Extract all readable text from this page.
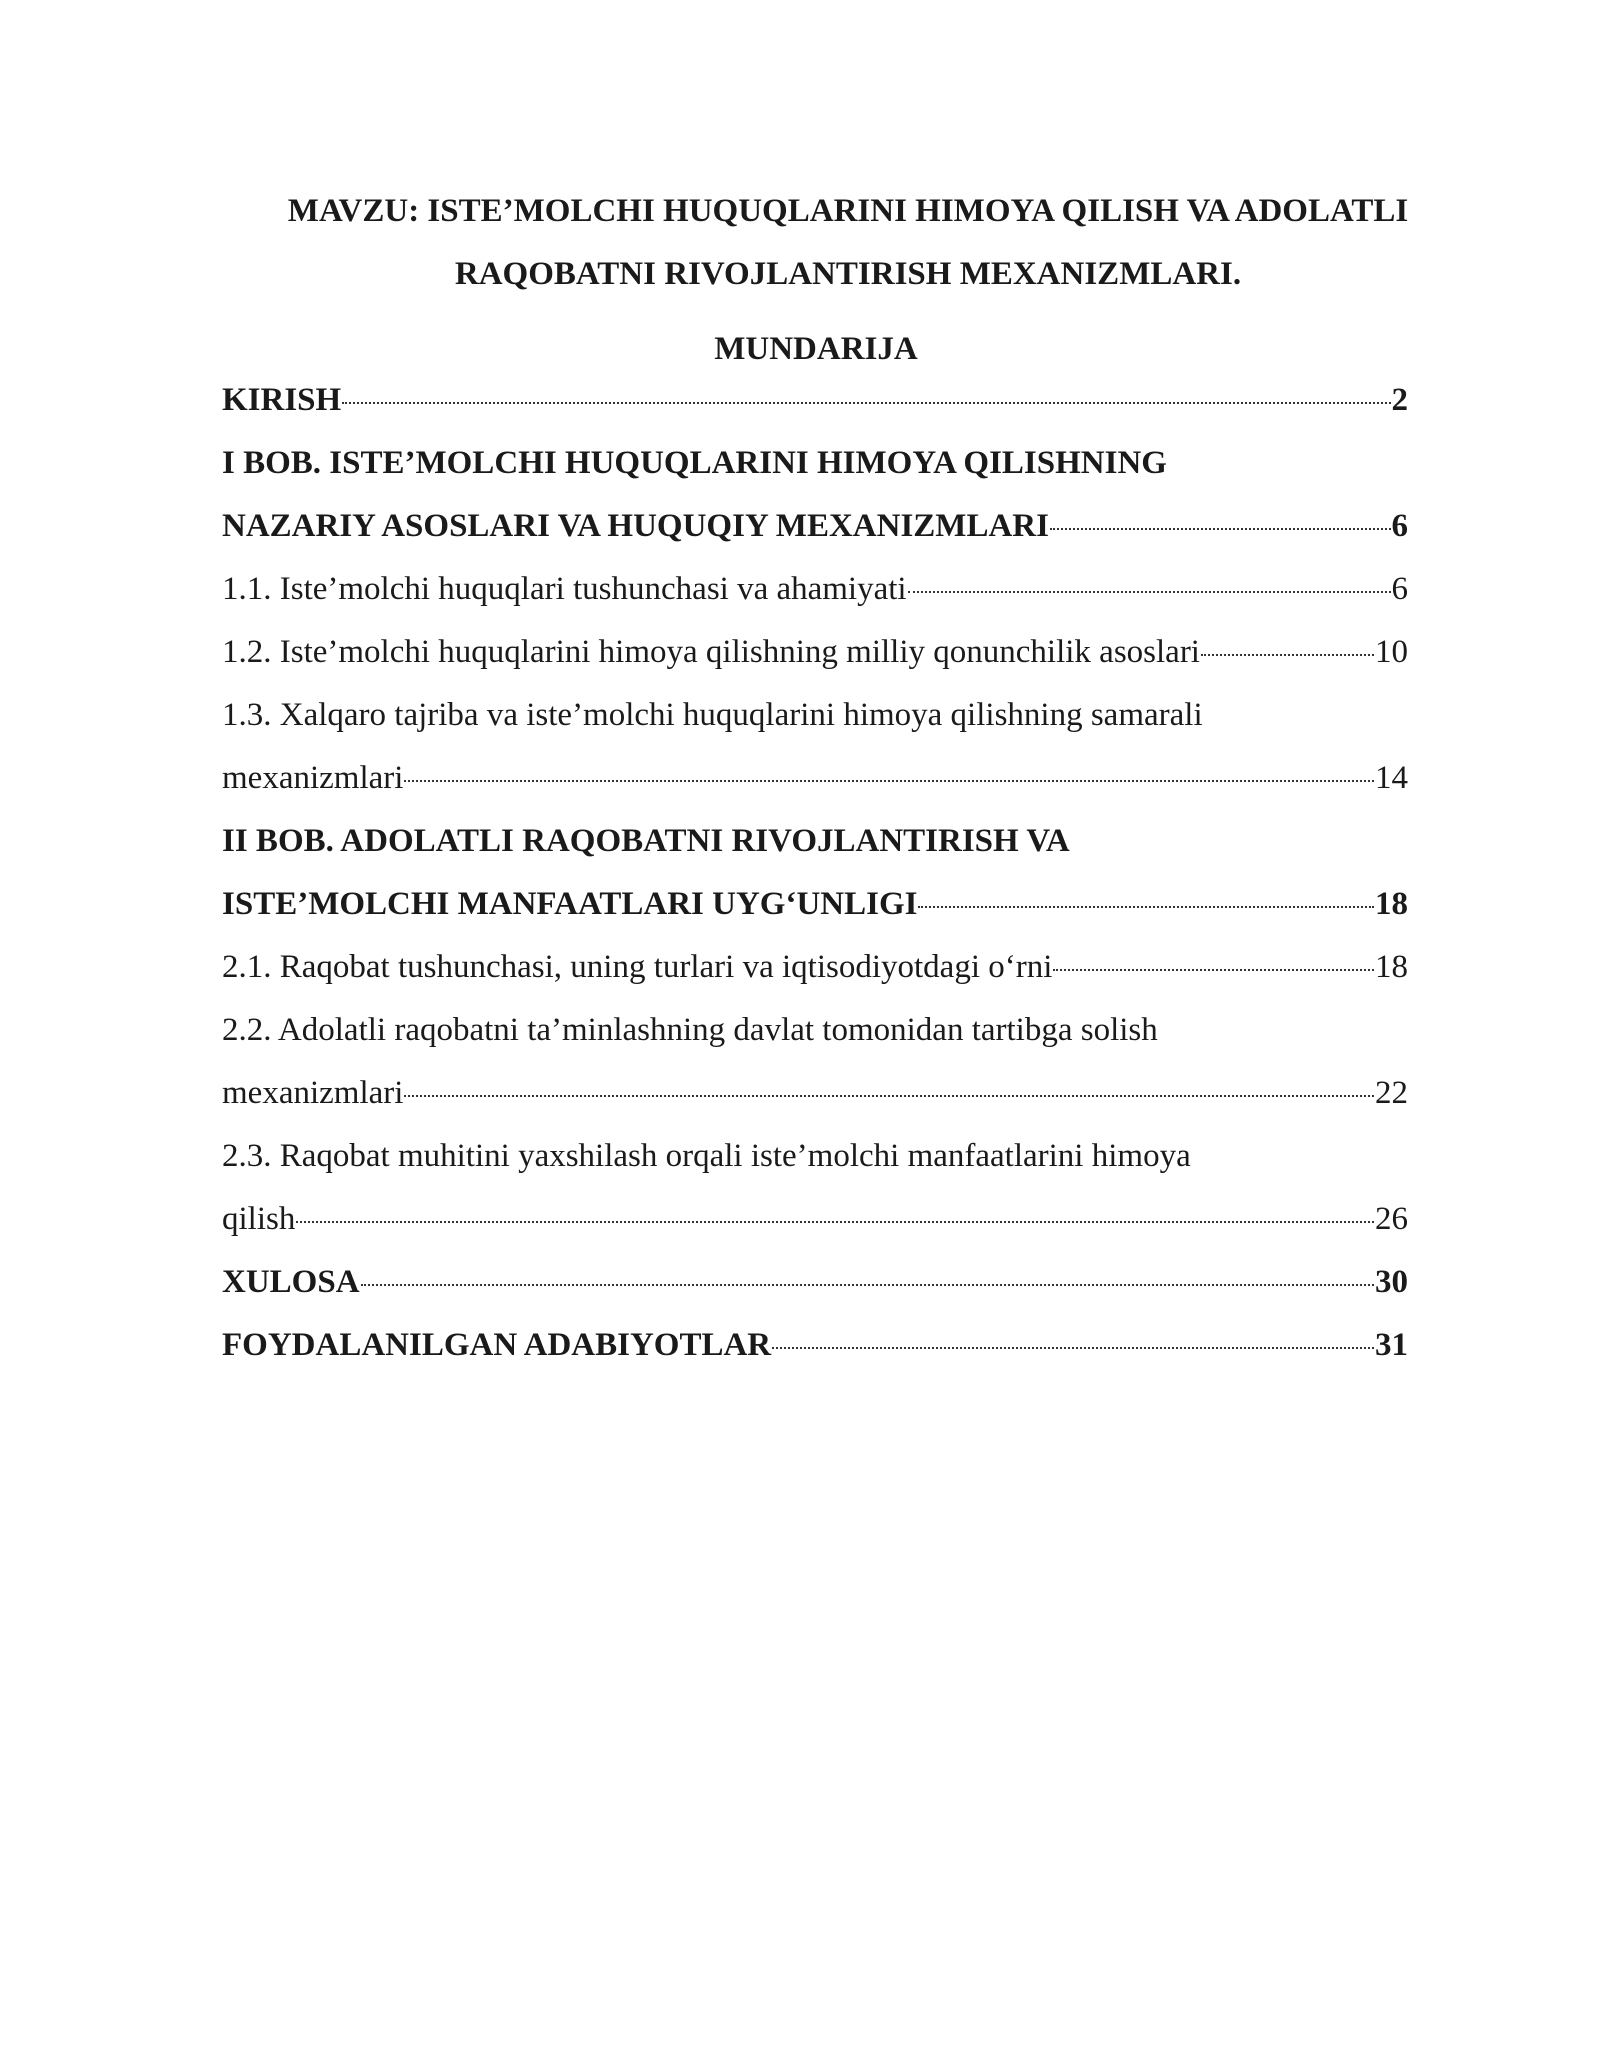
MAVZU: ISTE’MOLCHI HUQUQLARINI HIMOYA QILISH VA ADOLATLI
RAQOBATNI RIVOJLANTIRISH MEXANIZMLARI.
MUNDARIJA
KIRISH	2
I BOB. ISTE’MOLCHI HUQUQLARINI HIMOYA QILISHNING
NAZARIY ASOSLARI VA HUQUQIY MEXANIZMLARI	6
1.1. Iste’molchi huquqlari tushunchasi va ahamiyati	6
1.2. Iste’molchi huquqlarini himoya qilishning milliy qonunchilik asoslari	10
1.3. Xalqaro tajriba va iste’molchi huquqlarini himoya qilishning samarali
mexanizmlari	14
II BOB. ADOLATLI RAQOBATNI RIVOJLANTIRISH VA
ISTE’MOLCHI MANFAATLARI UYG‘UNLIGI	18
2.1. Raqobat tushunchasi, uning turlari va iqtisodiyotdagi o‘rni	18
2.2. Adolatli raqobatni ta’minlashning davlat tomonidan tartibga solish
mexanizmlari	22
2.3. Raqobat muhitini yaxshilash orqali iste’molchi manfaatlarini himoya
qilish	26
XULOSA	30
FOYDALANILGAN ADABIYOTLAR	31
